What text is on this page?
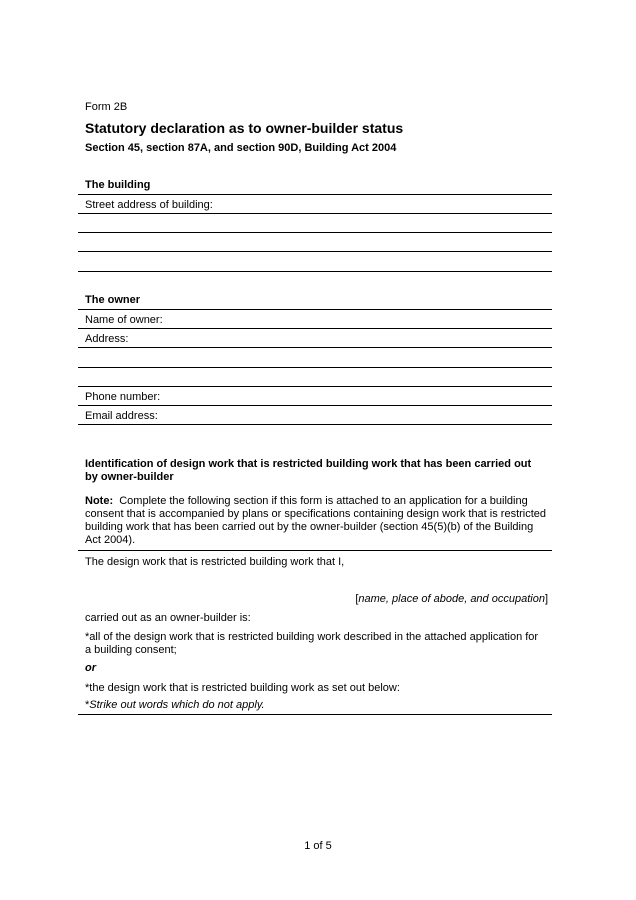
Form 2B
Statutory declaration as to owner-builder status
Section 45, section 87A, and section 90D, Building Act 2004
The building
Street address of building:
The owner
Name of owner:
Address:
Phone number:
Email address:
Identification of design work that is restricted building work that has been carried out by owner-builder
Note: Complete the following section if this form is attached to an application for a building consent that is accompanied by plans or specifications containing design work that is restricted building work that has been carried out by the owner-builder (section 45(5)(b) of the Building Act 2004).
The design work that is restricted building work that I,
[name, place of abode, and occupation]
carried out as an owner-builder is:
*all of the design work that is restricted building work described in the attached application for a building consent;
or
*the design work that is restricted building work as set out below:
*Strike out words which do not apply.
1 of 5
